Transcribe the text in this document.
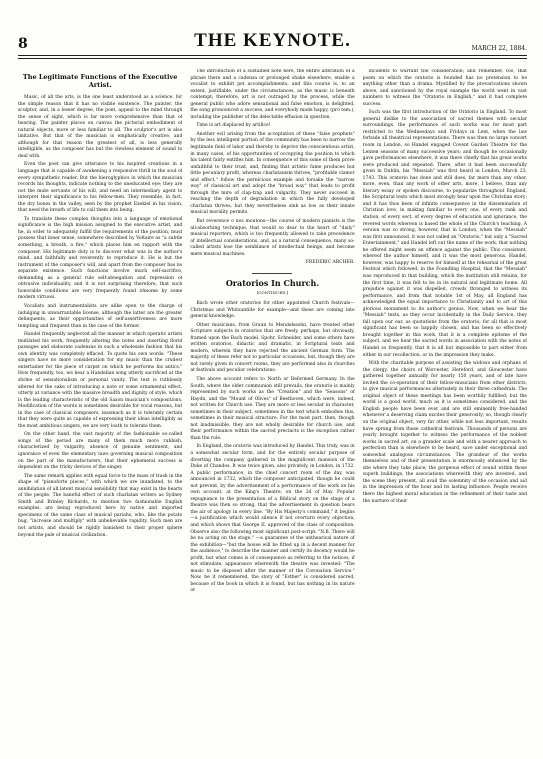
8	THE KEYNOTE.	MARCH 22, 1884.
The Legitimate Functions of the Executive Artist.

Music, of all the arts, is the one least understood as a science, for the simple reason that it has no visible existence. The painter, the sculptor, and, in a lesser degree, the poet, appeal to the mind through the sense of sight, which is far more comprehensive than that of hearing. The painter places on canvas the pictorial embodiment of natural objects, more or less familiar to all. The sculptor's art is also imitative. But that of the musician is emphatically creative, and although for that reason the greatest of all, is less generally intelligible, as the composer has but the viewless element of sound to deal with.

Even the poet can give utterance to his inspired creations in a language that is capable of awakening a responsive thrill in the soul of every sympathetic reader. But the hieroglyphics in which the musician records his thoughts, indicate nothing to the uneducated eye; they are not the mute servants of his will, and need an intermediary agent to interpret their significance to his fellow-men. They resemble, in fact, the dry bones in the valley, seen by the prophet Ezekiel in his vision, that need the breath of life to call them into being.

To translate these complex thoughts into a language of emotional significance is the high mission assigned to the executive artist, and he, in order to adequately fulfill the requirements of the position, must possess that inner sense, somewhere described by Voltaire as "a subtle something, a breath, a fire," which places him en rapport with the composer. His legitimate duty is to discover what was in the author's mind, and faithfully and reverently to reproduce it. He is but the instrument of the composer's will, and apart from the composer has no separate existence. Such functions involve much self-sacrifice, demanding as a general rule self-abnegation and repression of obtrusive individuality, and it is not surprising therefore, that such honorable conditions are very frequently found irksome by some modern virtuosi.

Vocalists and instrumentalists are alike open to the charge of indulging in unwarrantable license, although the latter are the greater delinquents, as their opportunities of self-assertiveness are more tempting and frequent than in the case of the former.

Handel frequently neglected all the manner in which operatic artists mutilated his work, frequently altering the notes and inserting florid passages and elaborate cadenzas in such a wholesale fashion that his own identity was completely effaced. To quote his own words: "These singers have no more consideration for my music than the crudest entertainer for the piece of carpet on which he performs his antics." How frequently, too, we hear a Handelian song utterly sacrificed at the shrine of sensationalism or personal vanity. The text is ruthlessly altered for the sake of introducing a note or some ornamental effect, utterly at variance with the massive breadth and dignity of style, which is the leading characteristic of the old Saxon musician's compositions. Modification of the words is sometimes desirable for vocal reasons, but in the case of classical composers, inasmuch as it is tolerably certain that they were quite as capable of expressing their ideas intelligibly as the most ambitious singers, we are very loath to tolerate them.

On the other hand, the vast majority of the fashionable so-called songs of the period are many of them much more rubbish, characterized by vulgarity, absence of genuine sentiment, and ignorance of even the elementary laws governing musical composition on the part of the manufacturers, that their ephemeral success is dependent on the tricky devices of the singer.

The same remark applies with equal force to the mass of trash in the shape of "pianoforte pieces," with which we are inundated, to the annihilation of all latent musical sensibility that may exist in the hearts of the people. The baneful effect of such charlatan writers as Sydney Smith and Brinley Richards, to mention two fashionable English examples, are being reproduced here by native and imported specimens of the same class of musical pariahs, who, like the potato bug, "increase and multiply" with unbelievable rapidity. Such men are not artists, and should be rigidly banished to their proper sphere beyond the pale of musical civilization.

The introduction of a sustained note here, the entire alteration of a phrase there and a cadenza or prolonged shake elsewhere, enable a vocalist to exhibit pet accomplishments, and this course is, to an extent, justifiable, under the circumstances, as the music is beneath contempt; therefore, art is not outraged by the process, while the general public who adore sensational and false emotion, is delighted, the song pronounced a success, and everybody made happy, (pro tem.), including the publisher of the delectable effusion in question.

Time is art displaced by artifice!

Another evil arising from the acceptation of these "false prophets" by the less intelligent portion of the community has been to narrow the legitimate field of labor and thereby to deprive the conscientious artist, in many cases, of his opportunities of occupying the position to which his talent fairly entitles him. In consequence of this some of them prove unfaithful to their trust, and, finding that artistic fame produces but little pecuniary profit, whereas charlatanism thrives, "profitable clamor and effect," follow the pernicious example and forsake the "narrow way" of classical art and adopt the "broad way" that leads to profit through the mire of clap-trap and vulgarity. They never succeed in reaching the depth of degradation in which the fully developed charlatan thrives, but they nevertheless sink as low as their innate musical morality permits.

But reverence o nos moutons—the course of modern pianists is the all-absorbing technique, that would so dear to the heart of "daily" musical reporters, which is too frequently allowed to take precedence of intellectual considerations, and, as a natural consequence, many so-called artists lose the semblance of intellectual beings, and become mere musical machines.

FREDERIC ARCHER.
Oratorios In Church.
[CONTINUED.]

Bach wrote other oratorios for other appointed Church festivals—Christmas and Whitsuntide for example—and these are coming into general knowledge.

Other musicians, from Graun to Mendelssohn, have treated other Scripture subjects in oratorios that are freely, perhaps, but obviously, framed upon the Bach model. Spohr, Schneider, and some others have written oratorios, didactic and dramatic, in Scriptural texts and modern, wherein they have rejected the ancient German form. The majority of these refer not to particular occasions, but, though they are not rarely given in concert rooms, they are performed also in churches at festivals and peculiar celebrations.

The above account refers to North or Reformed Germany. In the South, where the older communion still prevails, the oratorio is mainly represented by such works as the "Creation" and the "Seasons" of Haydn, and the "Mount of Olives" of Beethoven, which were, indeed, not written for Church use. They are more or less secular in character, sometimes in their subject, sometimes in the text which embodies this, sometimes in their musical structure. For the most part, then, though not inadmissible, they are not wholly desirable for church use, and their performance within the sacred precincts is the exception rather than the rule.

In England, the oratorio was introduced by Handel. This truly, was in a somewhat secular form, and for the entirely secular purpose of diverting the company gathered in the magnificent mansion of the Duke of Chandos. It was twice given, also privately, in London, in 1732. A public performance, in the chief concert room of the day, was announced in 1732, which the composer anticipated, though he could not prevent, by the advertisement of a performance of the work on his own account, at the King's Theatre, on the 2d of May. Popular repugnance to the presentation of a Biblical story on the stage of a theatre was then so strong, that the advertisement in question bears the air of apology in every line. "By His Majesty's command," it begins—a justification which would silence if not overturn every objection, and which shows that George II. approved of the class of composition. Observe also the following most significant post-script: "N.B. There will be no acting on the stage," —a guarantee of the unthearical nature of the exhibition—"but the house will be fitted up in a decent manner for the audience," to describe the manner and certify its decency would be profit, but what comes is of consequence as referring to the notices, if not stimulate, appearance wherewith the theatre was invested: "The music to be disposed after the manner of the Coronation Service." Now, be it remembered, the story of "Esther" is considered sacred, because of the book in which it is found, but has nothing in its nature or

incidents to warrant the consideration; and remember, too, that poem on which the oratorio is founded has no pretension to be anything other than a drama. Mystified by the prevarications shown above, and sanctioned by the royal example the world went in vast numbers to witness the "Oratorio in English," and it had complete success.

Such was the first introduction of the Oratorio in England. To most general dislike to the association of sacred themes with secular surroundings, the performance of such works was for most part restricted to the Wednesdays and Fridays in Lent, when the law forbade all theatrical representations. There was then no large concert room in London, so Handel engaged Covent Garden Theatre for the Lenten seasons of many successive years; and though he occasionally gave performances elsewhere, it was there chiefly that his great works were produced and repeated. There, after it had been successfully given in Dublin, his "Messiah" was first heard in London, March 23, 1743. This oratorio has done and still does, far more than any other, more, even, than any work of other arts, more, I believe, than any literary essay or spoken discourse, to popularize throughout England, the Scriptural texts which most strongly bear upon the Christian story; and it has thus been of infinite consequence in the dissemination of Christian love, in making familiar to every one, of every rank and station, of every sect, of every degree of education and ignorance, the revered words whereon is based the whole of the Church's teaching. A version was so strong, however, that in London, when the "Messiah" was first announced, it was not called an "Oratorio," but only a "Sacred Entertainment," and Handel left out the name of the work, that nothing he offered might seem an offence against the public. This consistent, whereof the author himself, and it was the most generous. Handel, however, was happy to reserve for himself at the rehearsal of the great Festival which followed, in the Foundling Hospital, that the "Messiah" was reproduced in that building, which the institution still retains, for the first time, it was felt to be in its natural and legitimate home. All prejudice against it was dispelled, crowds thronged to witness its performance, and from that notable 1st of May, all England has acknowledged the equal importance to Christianity and to art of this glorious monument to its author's genius. Now, when we hear the "Messiah" texts, as they occur incidentally in the Daily Service, they fall upon our ear, as quotations from the oratorio; for all that is most significant has been so happily chosen, and has been so effectively brought together in this work, that it is a complete epitome of the subject, and we hear the sacred words in association with the notes of Handel so frequently, that it is all but impossible to part either from either in our recollection, or in the impression they make.

With the charitable purpose of assisting the widows and orphans of the clergy, the choirs of Worcester, Hereford, and Gloucester have gathered together annually for nearly 150 years, and of late have invited the co-operation of their fellow-musicians from other districts, to give musical performances alternately in their three cathedrals. The original object of these meetings has been worthily fulfilled; but the world is a good world, much as it is sometimes considered, and the English people have been ever and are still eminently free-handed whenever a deserving claim excites their generosity; so, though clearly on the original object, very far other, while not less important, results have sprung from these cathedral festivals. Thousands of persons are yearly brought together to witness the performance of the noblest works in sacred art, on a grander scale and with a nearer approach to perfection than is elsewhere to be heard, save under exceptional and somewhat analogous circumstances. The grandeur of the works themselves and of their presentation is enormously enhanced by the site where they take place; the gorgeous effect of sound within those superb buildings, the associations wherewith they are invested, and the scene they present, all avail the solemnity of the occasion and aid in the impression of the hour and its lasting influence. People receive there the highest moral education in the refinement of their taste and the nurture of their
